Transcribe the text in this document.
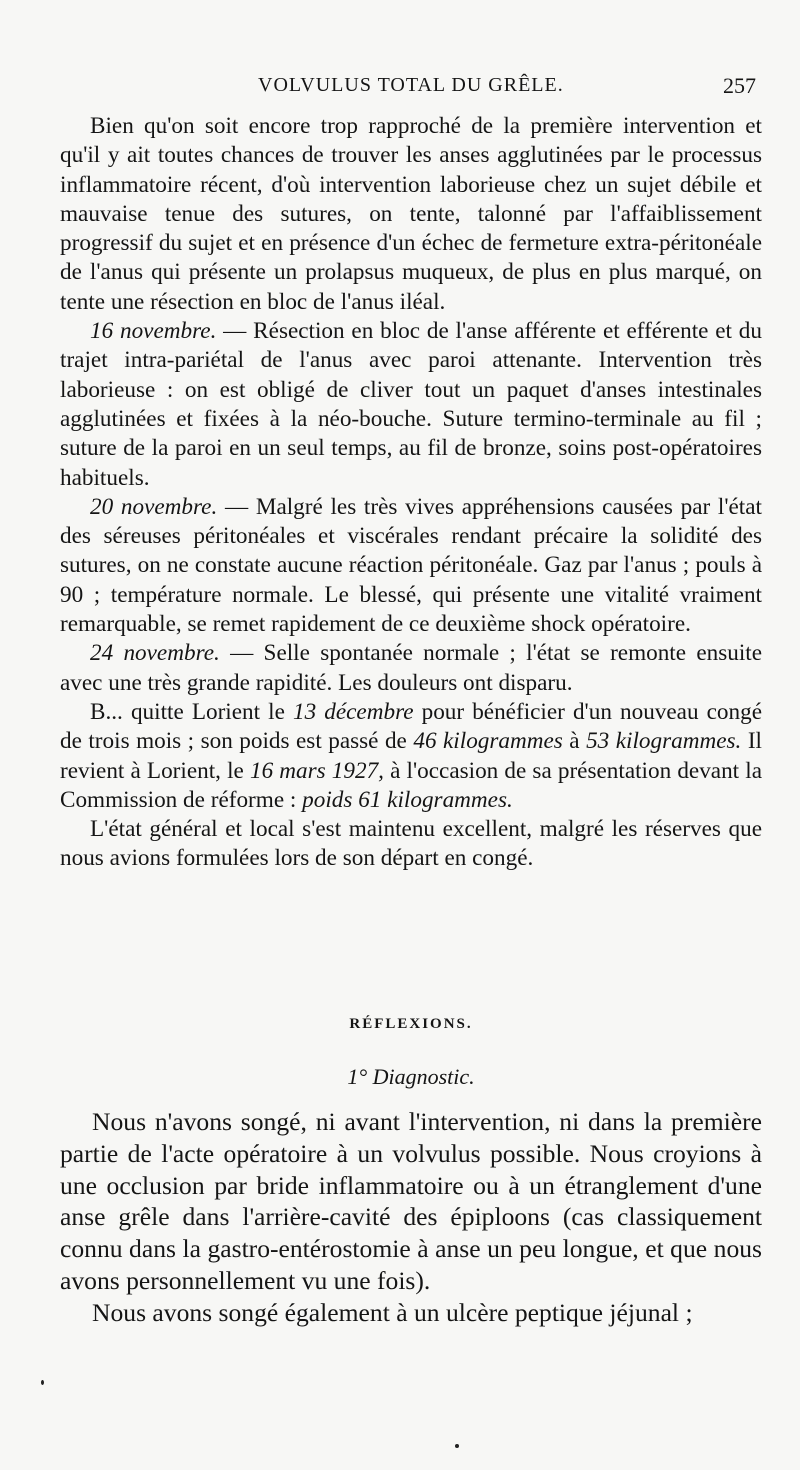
VOLVULUS TOTAL DU GRÊLE.	257

Bien qu'on soit encore trop rapproché de la première intervention et qu'il y ait toutes chances de trouver les anses agglutinées par le processus inflammatoire récent, d'où intervention laborieuse chez un sujet débile et mauvaise tenue des sutures, on tente, talonné par l'affaiblissement progressif du sujet et en présence d'un échec de fermeture extra-péritonéale de l'anus qui présente un prolapsus muqueux, de plus en plus marqué, on tente une résection en bloc de l'anus iléal.

16 novembre. — Résection en bloc de l'anse afférente et efférente et du trajet intra-pariétal de l'anus avec paroi attenante. Intervention très laborieuse : on est obligé de cliver tout un paquet d'anses intestinales agglutinées et fixées à la néo-bouche. Suture termino-terminale au fil ; suture de la paroi en un seul temps, au fil de bronze, soins post-opératoires habituels.

20 novembre. — Malgré les très vives appréhensions causées par l'état des séreuses péritonéales et viscérales rendant précaire la solidité des sutures, on ne constate aucune réaction péritonéale. Gaz par l'anus ; pouls à 90 ; température normale. Le blessé, qui présente une vitalité vraiment remarquable, se remet rapidement de ce deuxième shock opératoire.

24 novembre. — Selle spontanée normale ; l'état se remonte ensuite avec une très grande rapidité. Les douleurs ont disparu.

B... quitte Lorient le 13 décembre pour bénéficier d'un nouveau congé de trois mois ; son poids est passé de 46 kilogrammes à 53 kilogrammes. Il revient à Lorient, le 16 mars 1927, à l'occasion de sa présentation devant la Commission de réforme : poids 61 kilogrammes.

L'état général et local s'est maintenu excellent, malgré les réserves que nous avions formulées lors de son départ en congé.

RÉFLEXIONS.
1° Diagnostic.

Nous n'avons songé, ni avant l'intervention, ni dans la première partie de l'acte opératoire à un volvulus possible. Nous croyions à une occlusion par bride inflammatoire ou à un étranglement d'une anse grêle dans l'arrière-cavité des épiploons (cas classiquement connu dans la gastro-entérostomie à anse un peu longue, et que nous avons personnellement vu une fois).

Nous avons songé également à un ulcère peptique jéjunal ;
